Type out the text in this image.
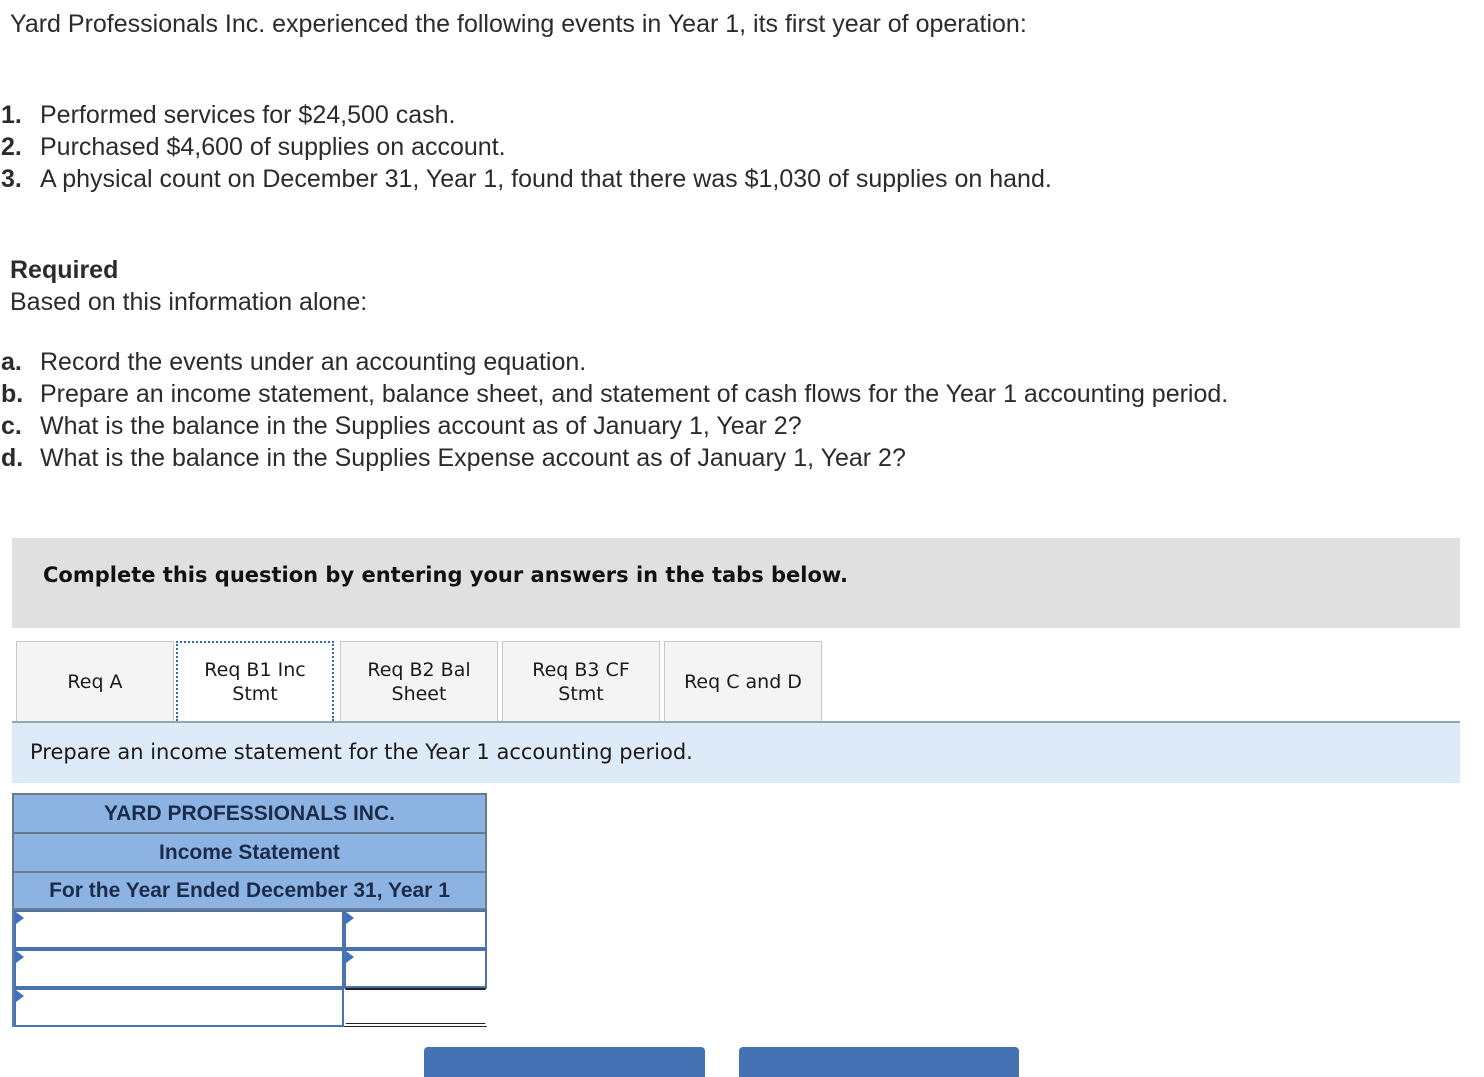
Yard Professionals Inc. experienced the following events in Year 1, its first year of operation:
1. Performed services for $24,500 cash.
2. Purchased $4,600 of supplies on account.
3. A physical count on December 31, Year 1, found that there was $1,030 of supplies on hand.
Required
Based on this information alone:
a. Record the events under an accounting equation.
b. Prepare an income statement, balance sheet, and statement of cash flows for the Year 1 accounting period.
c. What is the balance in the Supplies account as of January 1, Year 2?
d. What is the balance in the Supplies Expense account as of January 1, Year 2?
Complete this question by entering your answers in the tabs below.
Req A
Req B1 Inc
Stmt
Req B2 Bal
Sheet
Req B3 CF
Stmt
Req C and D
Prepare an income statement for the Year 1 accounting period.
YARD PROFESSIONALS INC.
Income Statement
For the Year Ended December 31, Year 1
